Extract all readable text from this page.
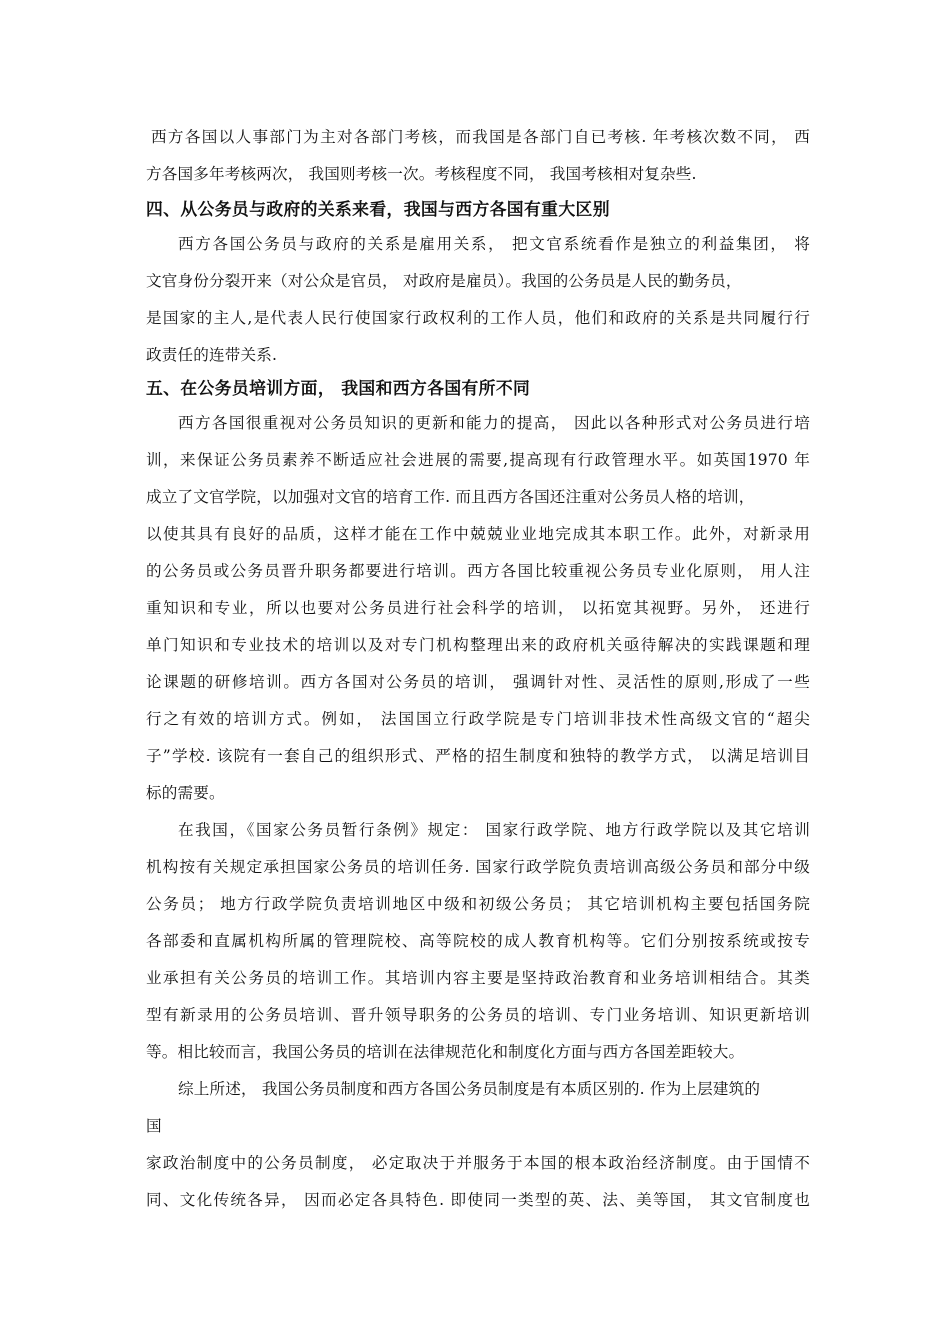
西方各国以人事部门为主对各部门考核，而我国是各部门自已考核. 年考核次数不同， 西
方各国多年考核两次， 我国则考核一次。考核程度不同， 我国考核相对复杂些.
四、从公务员与政府的关系来看，我国与西方各国有重大区别
西方各国公务员与政府的关系是雇用关系， 把文官系统看作是独立的利益集团， 将
文官身份分裂开来（对公众是官员， 对政府是雇员）。我国的公务员是人民的勤务员，
是国家的主人,是代表人民行使国家行政权利的工作人员，他们和政府的关系是共同履行行
政责任的连带关系.
五、在公务员培训方面， 我国和西方各国有所不同
西方各国很重视对公务员知识的更新和能力的提高， 因此以各种形式对公务员进行培
训，来保证公务员素养不断适应社会进展的需要,提高现有行政管理水平。如英国1970 年
成立了文官学院，以加强对文官的培育工作. 而且西方各国还注重对公务员人格的培训，
以使其具有良好的品质，这样才能在工作中兢兢业业地完成其本职工作。此外，对新录用
的公务员或公务员晋升职务都要进行培训。西方各国比较重视公务员专业化原则， 用人注
重知识和专业，所以也要对公务员进行社会科学的培训， 以拓宽其视野。另外， 还进行
单门知识和专业技术的培训以及对专门机构整理出来的政府机关亟待解决的实践课题和理
论课题的研修培训。西方各国对公务员的培训， 强调针对性、灵活性的原则,形成了一些
行之有效的培训方式。例如， 法国国立行政学院是专门培训非技术性高级文官的“超尖
子”学校. 该院有一套自己的组织形式、严格的招生制度和独特的教学方式， 以满足培训目
标的需要。
在我国，《国家公务员暂行条例》规定： 国家行政学院、地方行政学院以及其它培训
机构按有关规定承担国家公务员的培训任务. 国家行政学院负责培训高级公务员和部分中级
公务员； 地方行政学院负责培训地区中级和初级公务员； 其它培训机构主要包括国务院
各部委和直属机构所属的管理院校、高等院校的成人教育机构等。它们分别按系统或按专
业承担有关公务员的培训工作。其培训内容主要是坚持政治教育和业务培训相结合。其类
型有新录用的公务员培训、晋升领导职务的公务员的培训、专门业务培训、知识更新培训
等。相比较而言，我国公务员的培训在法律规范化和制度化方面与西方各国差距较大。
综上所述， 我国公务员制度和西方各国公务员制度是有本质区别的. 作为上层建筑的
国
家政治制度中的公务员制度， 必定取决于并服务于本国的根本政治经济制度。由于国情不
同、文化传统各异， 因而必定各具特色. 即使同一类型的英、法、美等国， 其文官制度也
